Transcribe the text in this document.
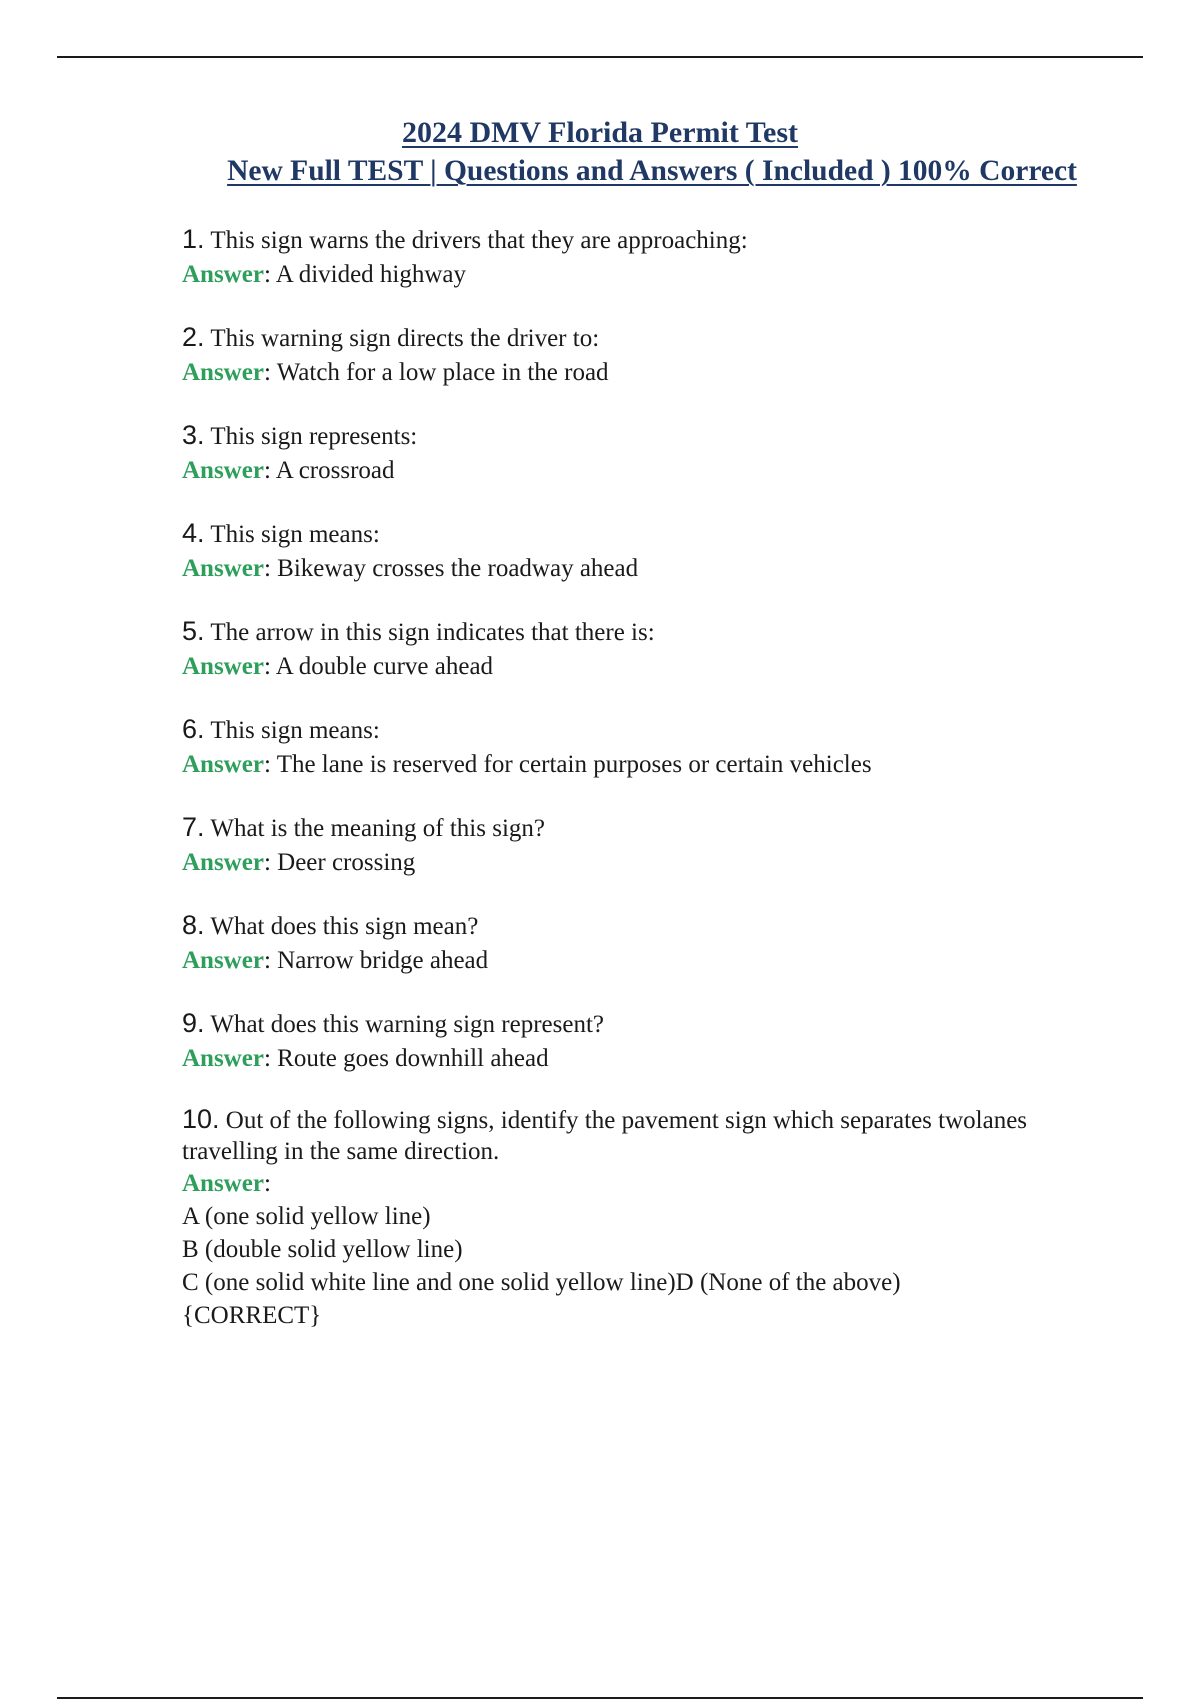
2024 DMV Florida Permit Test
New Full TEST | Questions and Answers ( Included ) 100% Correct

1. This sign warns the drivers that they are approaching:

Answer: A divided highway

2. This warning sign directs the driver to:

Answer: Watch for a low place in the road

3. This sign represents:

Answer: A crossroad

4. This sign means:

Answer: Bikeway crosses the roadway ahead

5. The arrow in this sign indicates that there is:

Answer: A double curve ahead

6. This sign means:

Answer: The lane is reserved for certain purposes or certain vehicles

7. What is the meaning of this sign?

Answer: Deer crossing

8. What does this sign mean?

Answer: Narrow bridge ahead

9. What does this warning sign represent?

Answer: Route goes downhill ahead

10. Out of the following signs, identify the pavement sign which separates twolanes travelling in the same direction.

Answer:

A (one solid yellow line)

B (double solid yellow line)

C (one solid white line and one solid yellow line)D (None of the above)

{CORRECT}
